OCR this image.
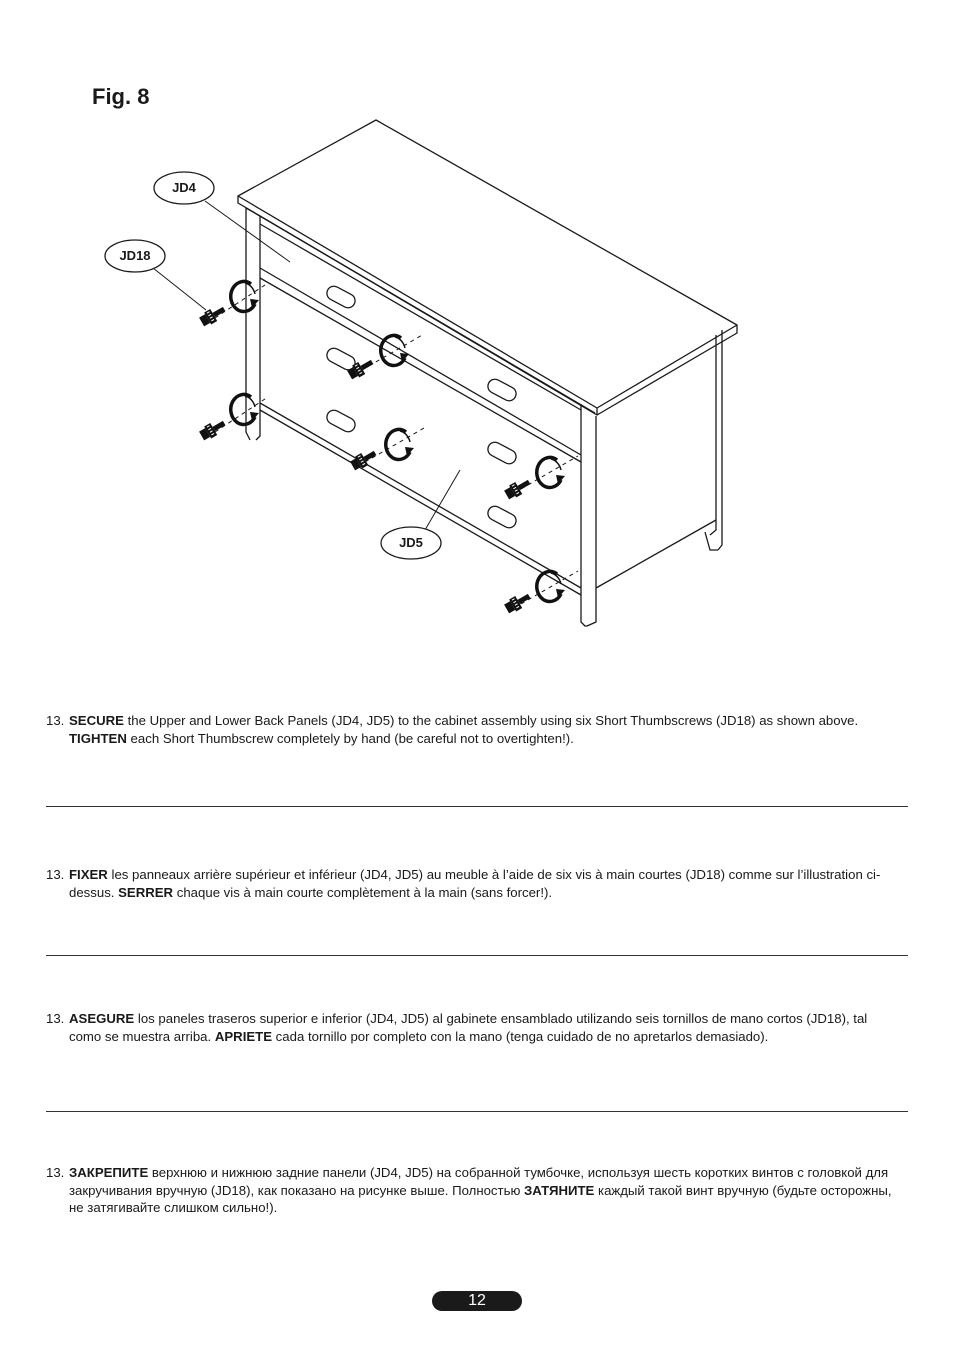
Fig. 8
JD4
JD18
JD5
13. SECURE the Upper and Lower Back Panels (JD4, JD5) to the cabinet assembly using six Short Thumbscrews (JD18) as shown above. TIGHTEN each Short Thumbscrew completely by hand (be careful not to overtighten!).
13. FIXER les panneaux arrière supérieur et inférieur (JD4, JD5) au meuble à l’aide de six vis à main courtes (JD18) comme sur l’illustration ci-dessus. SERRER chaque vis à main courte complètement à la main (sans forcer!).
13. ASEGURE los paneles traseros superior e inferior (JD4, JD5) al gabinete ensamblado utilizando seis tornillos de mano cortos (JD18), tal como se muestra arriba. APRIETE cada tornillo por completo con la mano (tenga cuidado de no apretarlos demasiado).
13. ЗАКРЕПИТЕ верхнюю и нижнюю задние панели (JD4, JD5) на собранной тумбочке, используя шесть коротких винтов с головкой для закручивания вручную (JD18), как показано на рисунке выше. Полностью ЗАТЯНИТЕ каждый такой винт вручную (будьте осторожны, не затягивайте слишком сильно!).
12
